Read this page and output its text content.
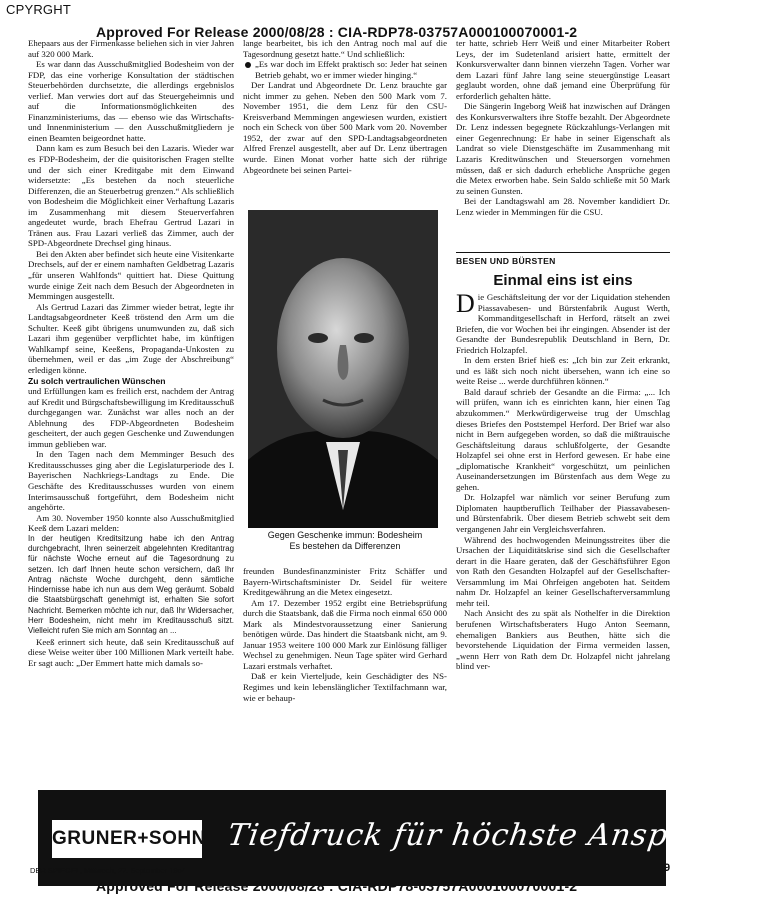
CPYRGHT
Approved For Release 2000/08/28 : CIA-RDP78-03757A000100070001-2

Ehepaars aus der Firmenkasse beliehen sich in vier Jahren auf 320 000 Mark.

Es war dann das Ausschußmitglied Bodesheim von der FDP, das eine vorherige Konsultation der städtischen Steuerbehörden durchsetzte, die allerdings ergebnislos verlief. Man verwies dort auf das Steuergeheimnis und auf die Informationsmöglichkeiten des Finanzministeriums, das — ebenso wie das Wirtschafts- und Innenministerium — den Ausschußmitgliedern je einen Beamten beigeordnet hatte.

Dann kam es zum Besuch bei den Lazaris. Wieder war es FDP-Bodesheim, der die quisitorischen Fragen stellte und der sich einer Kreditgabe mit dem Einwand widersetzte: „Es bestehen da noch steuerliche Differenzen, die an Steuerbetrug grenzen.“ Als schließlich von Bodesheim die Möglichkeit einer Verhaftung Lazaris im Zusammenhang mit diesem Steuerverfahren angedeutet wurde, brach Ehefrau Gertrud Lazari in Tränen aus. Frau Lazari verließ das Zimmer, auch der SPD-Abgeordnete Drechsel ging hinaus.

Bei den Akten aber befindet sich heute eine Visitenkarte Drechsels, auf der er einem namhaften Geldbetrag Lazaris „für unseren Wahlfonds“ quittiert hat. Diese Quittung wurde einige Zeit nach dem Besuch der Abgeordneten in Memmingen ausgestellt.

Als Gertrud Lazari das Zimmer wieder betrat, legte ihr Landtagsabgeordneter Keeß tröstend den Arm um die Schulter. Keeß gibt übrigens unumwunden zu, daß sich Lazari ihm gegenüber verpflichtet habe, im künftigen Wahlkampf seine, Keeßens, Propaganda-Unkosten zu übernehmen, weil er das „im Zuge der Abschreibung“ erledigen könne.

Zu solch vertraulichen Wünschen

und Erfüllungen kam es freilich erst, nachdem der Antrag auf Kredit und Bürgschaftsbewilligung im Kreditausschuß durchgegangen war. Zunächst war alles noch an der Ablehnung des FDP-Abgeordneten Bodesheim gescheitert, der auch gegen Geschenke und Zuwendungen immun geblieben war.

In den Tagen nach dem Memminger Besuch des Kreditausschusses ging aber die Legislaturperiode des I. Bayerischen Nachkriegs-Landtags zu Ende. Die Geschäfte des Kreditausschusses wurden von einem Interimsausschuß fortgeführt, dem Bodesheim nicht angehörte.

Am 30. November 1950 konnte also Ausschußmitglied Keeß dem Lazari melden:

In der heutigen Kreditsitzung habe ich den Antrag durchgebracht, Ihren seinerzeit abgelehnten Kreditantrag für nächste Woche erneut auf die Tagesordnung zu setzen. Ich darf Ihnen heute schon versichern, daß Ihr Antrag nächste Woche durchgeht, denn sämtliche Hindernisse habe ich nun aus dem Weg geräumt. Sobald die Staatsbürgschaft genehmigt ist, erhalten Sie sofort Nachricht. Bemerken möchte ich nur, daß Ihr Widersacher, Herr Bodesheim, nicht mehr im Kreditausschuß sitzt. Vielleicht rufen Sie mich am Sonntag an ...

Keeß erinnert sich heute, daß sein Kreditausschuß auf diese Weise weiter über 100 Millionen Mark verteilt habe. Er sagt auch: „Der Emmert hatte mich damals so-

lange bearbeitet, bis ich den Antrag noch mal auf die Tagesordnung gesetzt hatte.“ Und schließlich:

„Es war doch im Effekt praktisch so: Jeder hat seinen Betrieb gehabt, wo er immer wieder hinging.“

Der Landrat und Abgeordnete Dr. Lenz brauchte gar nicht immer zu gehen. Neben den 500 Mark vom 7. November 1951, die dem Lenz für den CSU-Kreisverband Memmingen angewiesen wurden, existiert noch ein Scheck von über 500 Mark vom 20. November 1952, der zwar auf den SPD-Landtagsabgeordneten Alfred Frenzel ausgestellt, aber auf Dr. Lenz übertragen wurde. Einen Monat vorher hatte sich der rührige Abgeordnete bei seinen Partei-

Gegen Geschenke immun: Bodesheim
Es bestehen da Differenzen

freunden Bundesfinanzminister Fritz Schäffer und Bayern-Wirtschaftsminister Dr. Seidel für weitere Kreditgewährung an die Metex eingesetzt.

Am 17. Dezember 1952 ergibt eine Betriebsprüfung durch die Staatsbank, daß die Firma noch einmal 650 000 Mark als Mindestvoraussetzung einer Sanierung benötigen würde. Das hindert die Staatsbank nicht, am 9. Januar 1953 weitere 100 000 Mark zur Einlösung fälliger Wechsel zu genehmigen. Neun Tage später wird Gerhard Lazari erstmals verhaftet.

Daß er kein Vierteljude, kein Geschädigter des NS-Regimes und kein lebenslänglicher Textilfachmann war, wie er behaup-

ter hatte, schrieb Herr Weiß und einer Mitarbeiter Robert Leys, der im Sudetenland arisiert hatte, ermittelt der Konkursverwalter dann binnen vierzehn Tagen. Vorher war dem Lazari fünf Jahre lang seine steuergünstige Leasart geglaubt worden, ohne daß jemand eine Überprüfung für erforderlich gehalten hätte.

Die Sängerin Ingeborg Weiß hat inzwischen auf Drängen des Konkursverwalters ihre Stoffe bezahlt. Der Abgeordnete Dr. Lenz indessen begegnete Rückzahlungs-Verlangen mit einer Gegenrechnung: Er habe in seiner Eigenschaft als Landrat so viele Dienstgeschäfte im Zusammenhang mit Lazaris Kreditwünschen und Steuersorgen vornehmen müssen, daß er sich dadurch erhebliche Ansprüche gegen die Metex erworben habe. Sein Saldo schließe mit 50 Mark zu seinen Gunsten.

Bei der Landtagswahl am 28. November kandidiert Dr. Lenz wieder in Memmingen für die CSU.

BESEN UND BÜRSTEN
Einmal eins ist eins

Die Geschäftsleitung der vor der Liquidation stehenden Piassavabesen- und Bürstenfabrik August Werth, Kommanditgesellschaft in Herford, rätselt an zwei Briefen, die vor Wochen bei ihr eingingen. Absender ist der Gesandte der Bundesrepublik Deutschland in Bern, Dr. Friedrich Holzapfel.

In dem ersten Brief hieß es: „Ich bin zur Zeit erkrankt, und es läßt sich noch nicht übersehen, wann ich eine so weite Reise ... werde durchführen können.“

Bald darauf schrieb der Gesandte an die Firma: „... Ich will prüfen, wann ich es einrichten kann, hier einen Tag abzukommen.“ Merkwürdigerweise trug der Umschlag dieses Briefes den Poststempel Herford. Der Brief war also nicht in Bern aufgegeben worden, so daß die mißtrauische Geschäftsleitung daraus schlußfolgerte, der Gesandte Holzapfel sei ohne erst in Herford gewesen. Er habe eine „diplomatische Krankheit“ vorgeschützt, um peinlichen Auseinandersetzungen im Bürstenfach aus dem Wege zu gehen.

Dr. Holzapfel war nämlich vor seiner Berufung zum Diplomaten hauptberuflich Teilhaber der Piassavabesen- und Bürstenfabrik. Über diesem Betrieb schwebt seit dem vergangenen Jahr ein Vergleichsverfahren.

Während des hochwogenden Meinungsstreites über die Ursachen der Liquiditätskrise sind sich die Gesellschafter derart in die Haare geraten, daß der Geschäftsführer Egon von Rath den Gesandten Holzapfel auf der Gesellschafter-Versammlung im Mai Ohrfeigen angeboten hat. Seitdem nahm Dr. Holzapfel an keiner Gesellschafterversammlung mehr teil.

Nach Ansicht des zu spät als Nothelfer in die Direktion berufenen Wirtschaftsberaters Hugo Anton Seemann, ehemaligen Bankiers aus Beuthen, hätte sich die bevorstehende Liquidation der Firma vermeiden lassen, „wenn Herr von Rath dem Dr. Holzapfel nicht jahrelang blind ver-

GRUNER+SOHN Tiefdruck für höchste Ansprüche
DER SPIEGEL, Mittwoch, 22. September 1954	9
Approved For Release 2000/08/28 : CIA-RDP78-03757A000100070001-2
